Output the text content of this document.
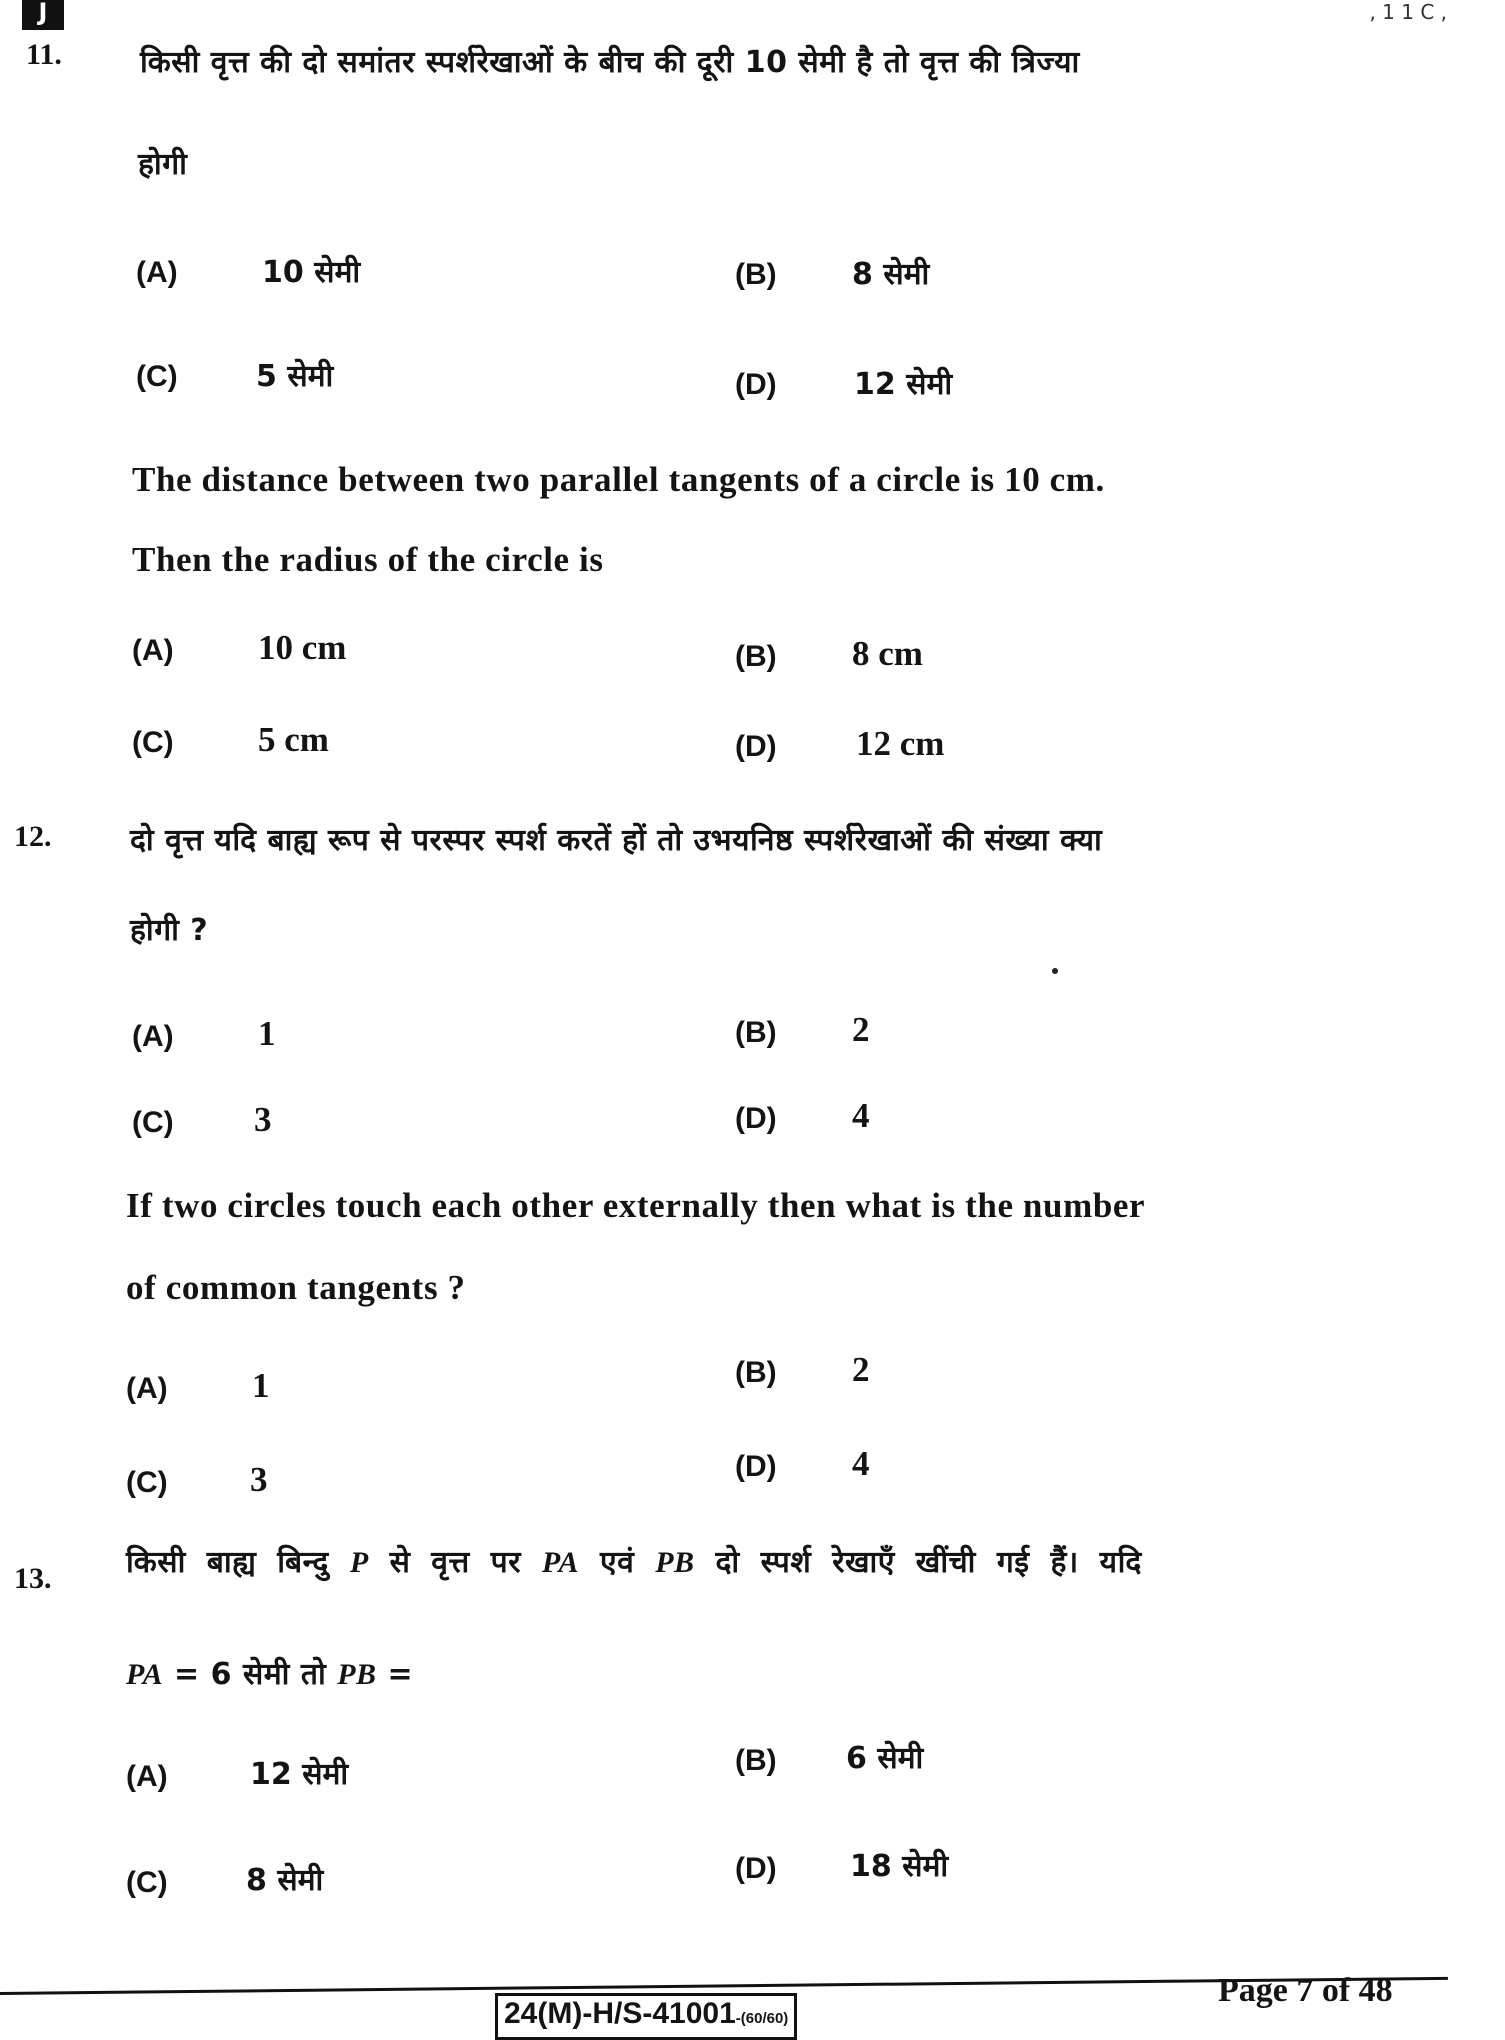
J	, 1 1 C ,
11.	किसी वृत्त की दो समांतर स्पर्शरेखाओं के बीच की दूरी 10 सेमी है तो वृत्त की त्रिज्या
होगी
(A)	10 सेमी	(B)	8 सेमी
(C)	5 सेमी	(D)	12 सेमी
The distance between two parallel tangents of a circle is 10 cm.
Then the radius of the circle is
(A) 10 cm	(B) 8 cm
(C) 5 cm	(D) 12 cm
12.	दो वृत्त यदि बाह्य रूप से परस्पर स्पर्श करतें हों तो उभयनिष्ठ स्पर्शरेखाओं की संख्या क्या
होगी ?
(A) 1	(B) 2
(C) 3	(D) 4
If two circles touch each other externally then what is the number
of common tangents ?
(A) 1	(B) 2
(C) 3	(D) 4
13. किसी बाह्य बिन्दु P से वृत्त पर PA एवं PB दो स्पर्श रेखाएँ खींची गई हैं। यदि
PA = 6 सेमी तो PB =
(A)	12 सेमी	(B) 6 सेमी
(C)	8 सेमी	(D) 18 सेमी
24(M)-H/S-41001-(60/60)
Page 7 of 48
